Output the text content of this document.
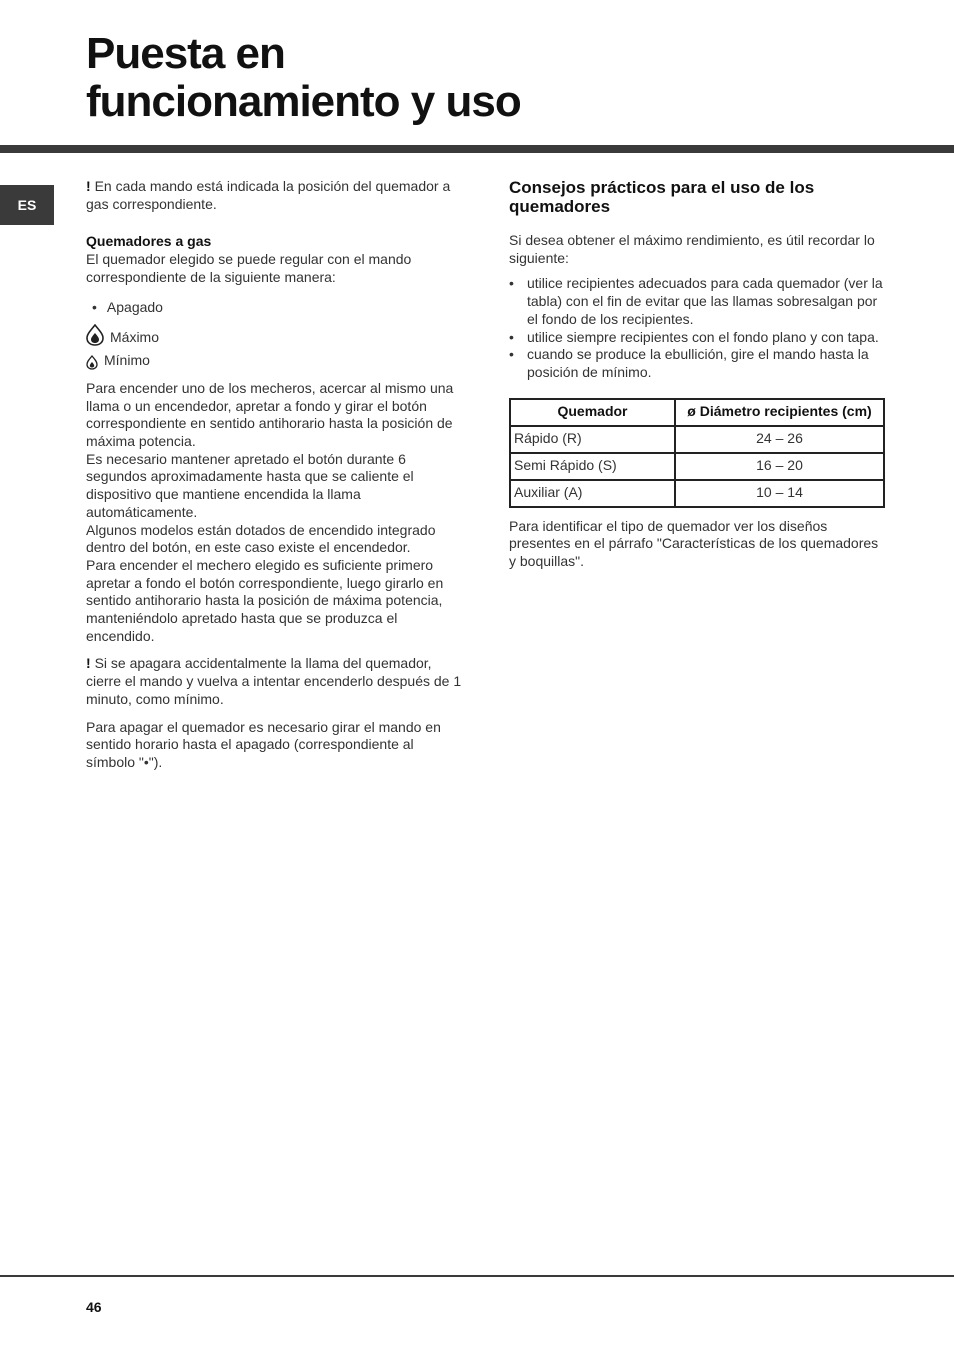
Puesta en
funcionamiento y uso
ES

! En cada mando está indicada la posición del quemador a gas correspondiente.

Quemadores a gas

El quemador elegido se puede regular con el mando correspondiente de la siguiente manera:

• Apagado
Máximo
Mínimo

Para encender uno de los mecheros, acercar al mismo una llama o un encendedor, apretar a fondo y girar el botón correspondiente en sentido antihorario hasta la posición de máxima potencia.

Es necesario mantener apretado el botón durante 6 segundos aproximadamente hasta que se caliente el dispositivo que mantiene encendida la llama automáticamente.

Algunos modelos están dotados de encendido integrado dentro del botón, en este caso existe el encendedor.

Para encender el mechero elegido es suficiente primero apretar a fondo el botón correspondiente, luego girarlo en sentido antihorario hasta la posición de máxima potencia, manteniéndolo apretado hasta que se produzca el encendido.

! Si se apagara accidentalmente la llama del quemador, cierre el mando y vuelva a intentar encenderlo después de 1 minuto, como mínimo.

Para apagar el quemador es necesario girar el mando en sentido horario hasta el apagado (correspondiente al símbolo "•").

Consejos prácticos para el uso de los quemadores

Si desea obtener el máximo rendimiento, es útil recordar lo siguiente:

• utilice recipientes adecuados para cada quemador (ver la tabla) con el fin de evitar que las llamas sobresalgan por el fondo de los recipientes.
• utilice siempre recipientes con el fondo plano y con tapa.
• cuando se produce la ebullición, gire el mando hasta la posición de mínimo.
Quemador	ø Diámetro recipientes (cm)
Rápido (R)	24 – 26
Semi Rápido (S)	16 – 20
Auxiliar (A)	10 – 14

Para identificar el tipo de quemador ver los diseños presentes en el párrafo "Características de los quemadores y boquillas".

46
